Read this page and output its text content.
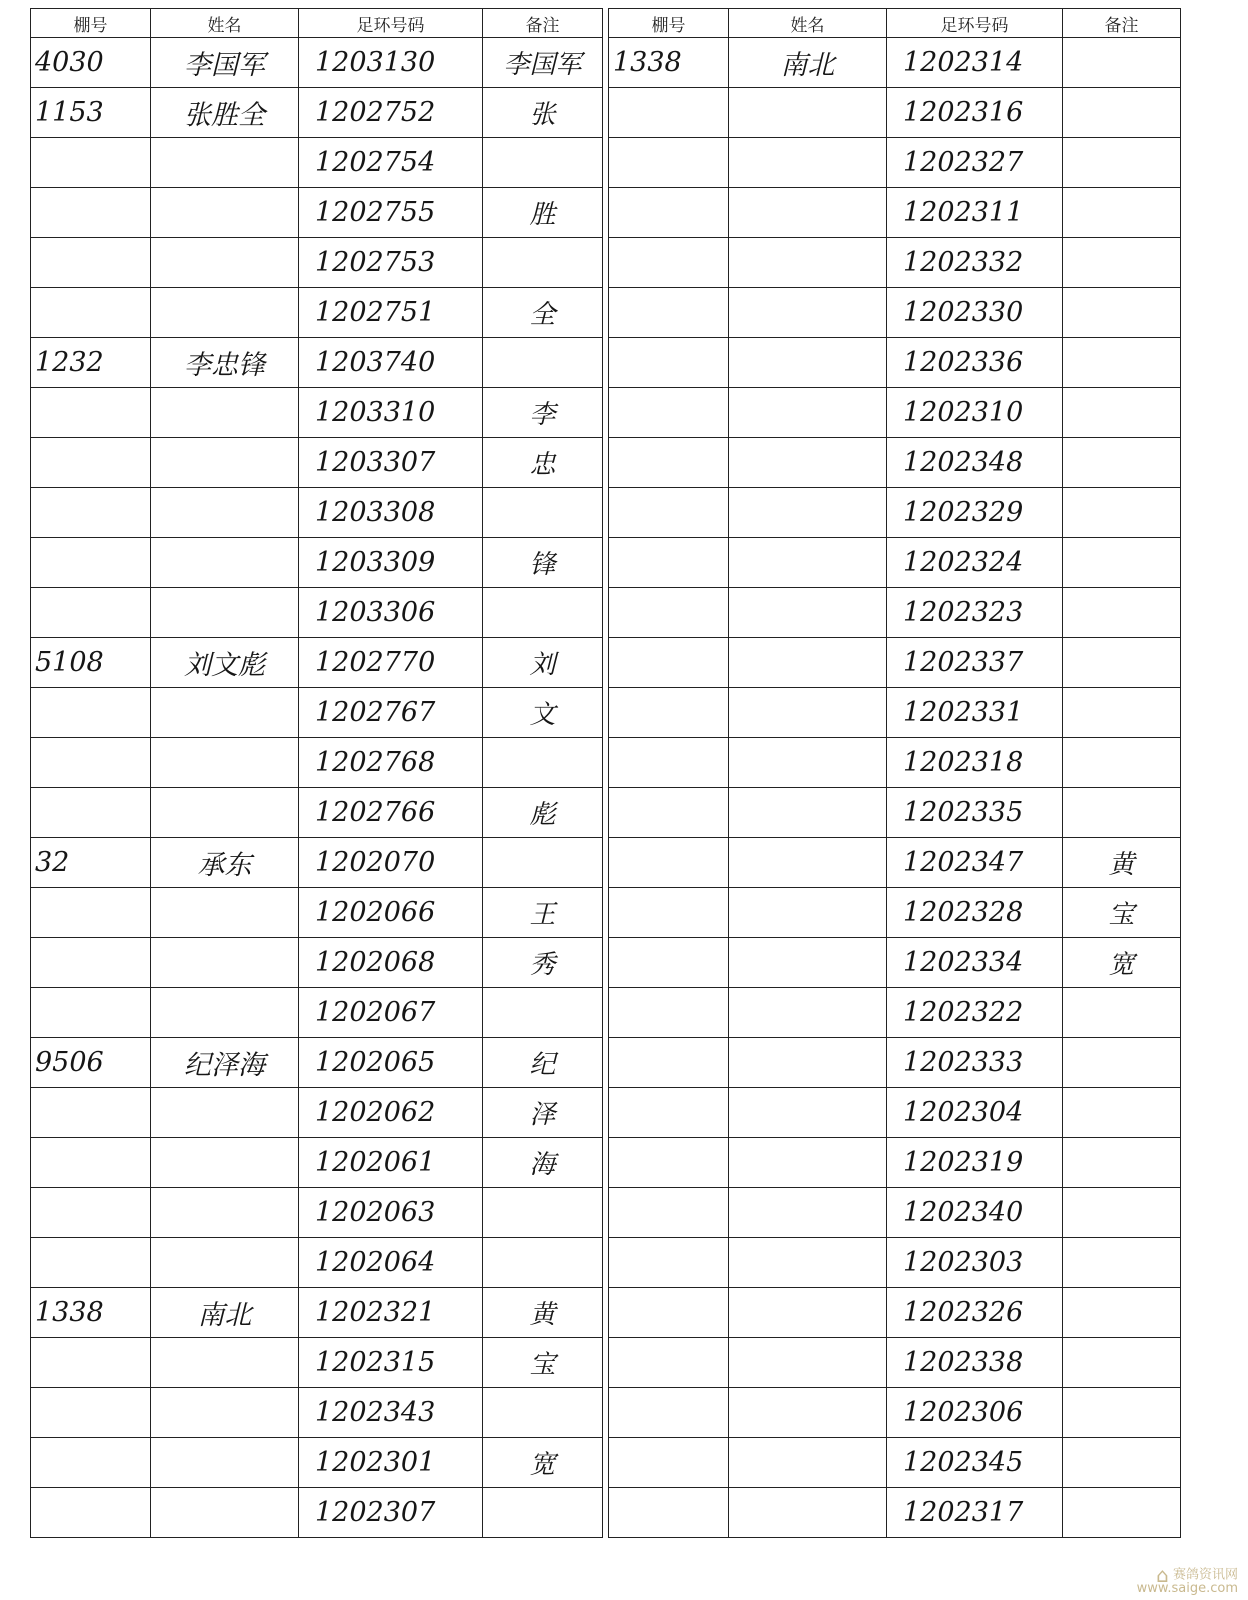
棚号	姓名	足环号码	备注
4030	李国军	1203130	李国军
1153	张胜全	1202752	张
		1202754	
		1202755	胜
		1202753	
		1202751	全
1232	李忠锋	1203740	
		1203310	李
		1203307	忠
		1203308	
		1203309	锋
		1203306	
5108	刘文彪	1202770	刘
		1202767	文
		1202768	
		1202766	彪
32	承东	1202070	
		1202066	王
		1202068	秀
		1202067	
9506	纪泽海	1202065	纪
		1202062	泽
		1202061	海
		1202063	
		1202064	
1338	南北	1202321	黄
		1202315	宝
		1202343	
		1202301	宽
		1202307	
棚号	姓名	足环号码	备注
1338	南北	1202314	
		1202316	
		1202327	
		1202311	
		1202332	
		1202330	
		1202336	
		1202310	
		1202348	
		1202329	
		1202324	
		1202323	
		1202337	
		1202331	
		1202318	
		1202335	
		1202347	黄
		1202328	宝
		1202334	宽
		1202322	
		1202333	
		1202304	
		1202319	
		1202340	
		1202303	
		1202326	
		1202338	
		1202306	
		1202345	
		1202317	
⌂ 赛鸽资讯网
www.saige.com
